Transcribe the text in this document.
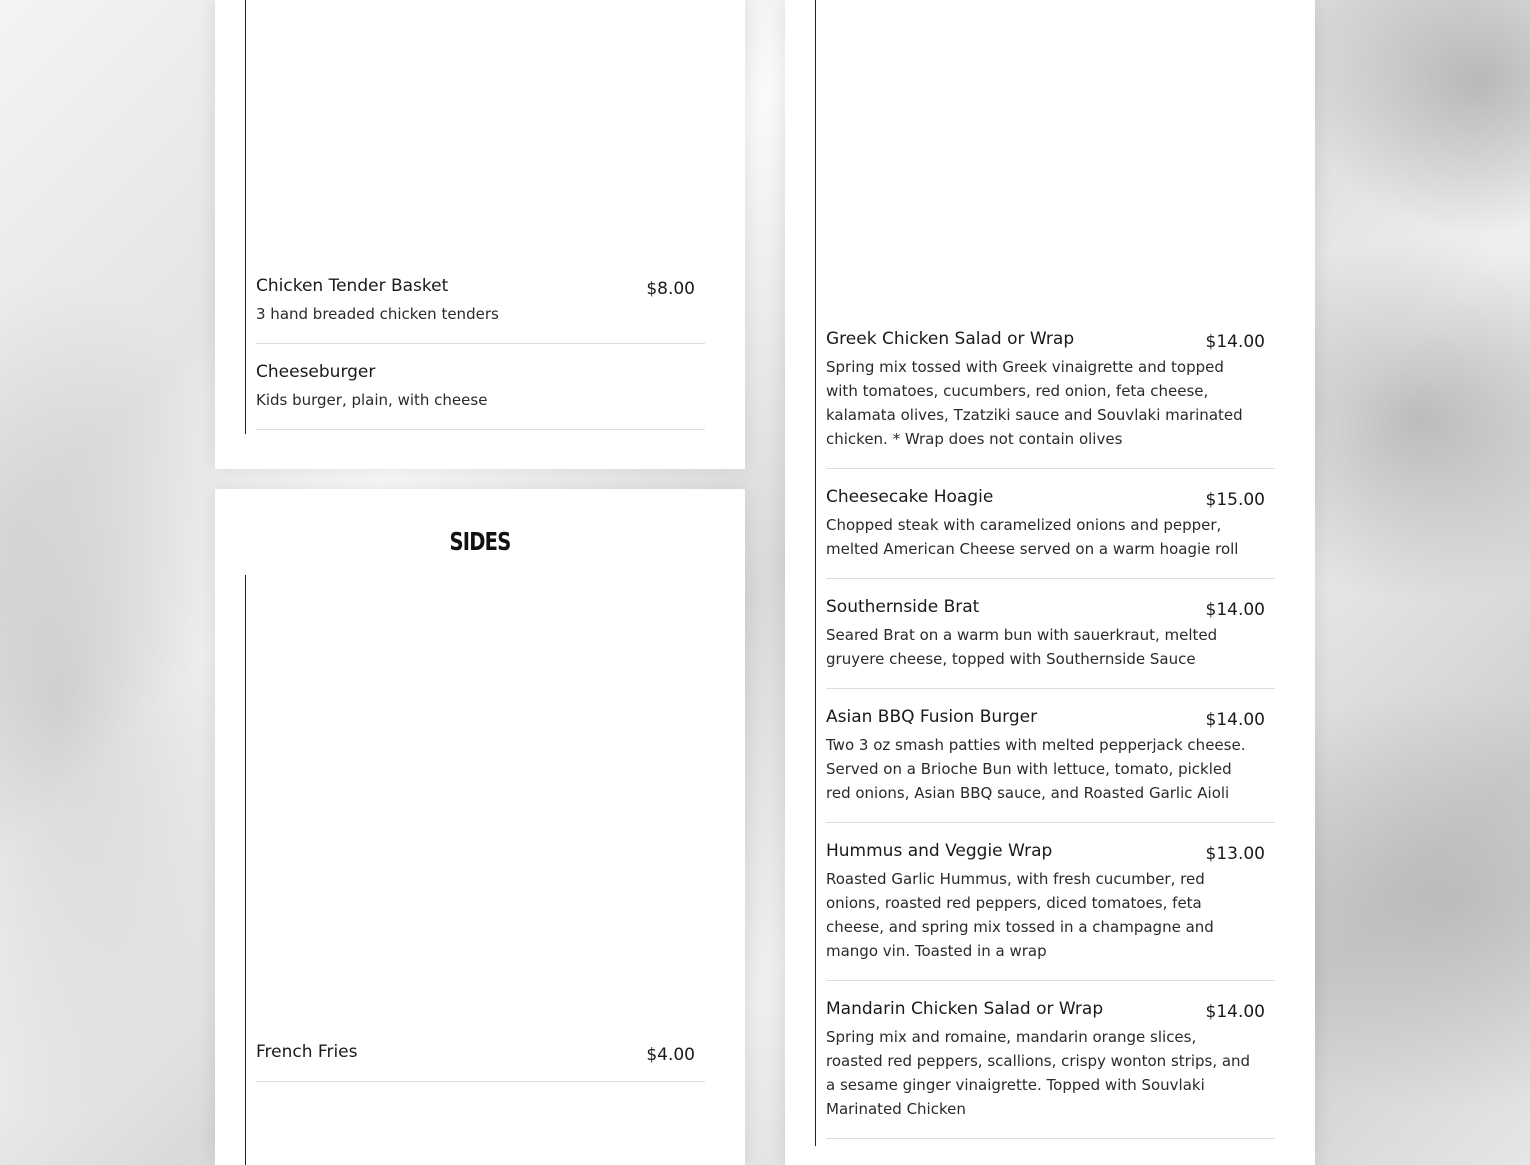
Chicken Tender Basket	$8.00
3 hand breaded chicken tenders
Cheeseburger
Kids burger, plain, with cheese
SIDES
French Fries	$4.00
Greek Chicken Salad or Wrap	$14.00
Spring mix tossed with Greek vinaigrette and topped with tomatoes, cucumbers, red onion, feta cheese, kalamata olives, Tzatziki sauce and Souvlaki marinated chicken. * Wrap does not contain olives
Cheesecake Hoagie	$15.00
Chopped steak with caramelized onions and pepper, melted American Cheese served on a warm hoagie roll
Southernside Brat	$14.00
Seared Brat on a warm bun with sauerkraut, melted gruyere cheese, topped with Southernside Sauce
Asian BBQ Fusion Burger	$14.00
Two 3 oz smash patties with melted pepperjack cheese. Served on a Brioche Bun with lettuce, tomato, pickled red onions, Asian BBQ sauce, and Roasted Garlic Aioli
Hummus and Veggie Wrap	$13.00
Roasted Garlic Hummus, with fresh cucumber, red onions, roasted red peppers, diced tomatoes, feta cheese, and spring mix tossed in a champagne and mango vin. Toasted in a wrap
Mandarin Chicken Salad or Wrap	$14.00
Spring mix and romaine, mandarin orange slices, roasted red peppers, scallions, crispy wonton strips, and a sesame ginger vinaigrette. Topped with Souvlaki Marinated Chicken
